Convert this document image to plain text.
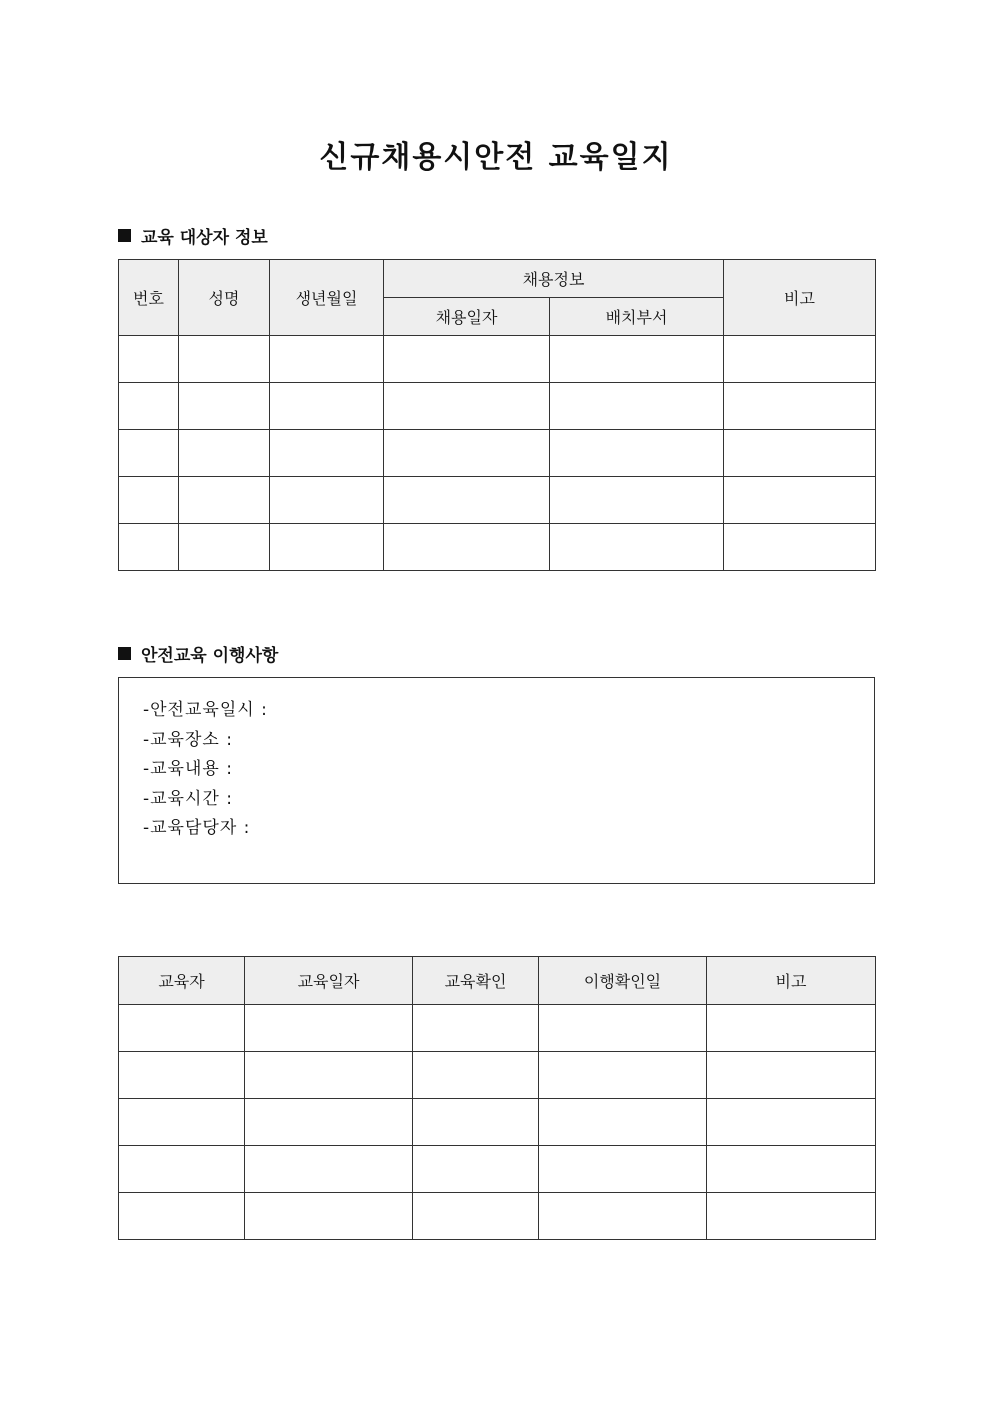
신규채용시안전 교육일지
교육 대상자 정보
번호	성명	생년월일	채용정보		비고
			채용일자	배치부서	

안전교육 이행사항
-안전교육일시 :
-교육장소 :
-교육내용 :
-교육시간 :
-교육담당자 :
교육자	교육일자	교육확인	이행확인일	비고
